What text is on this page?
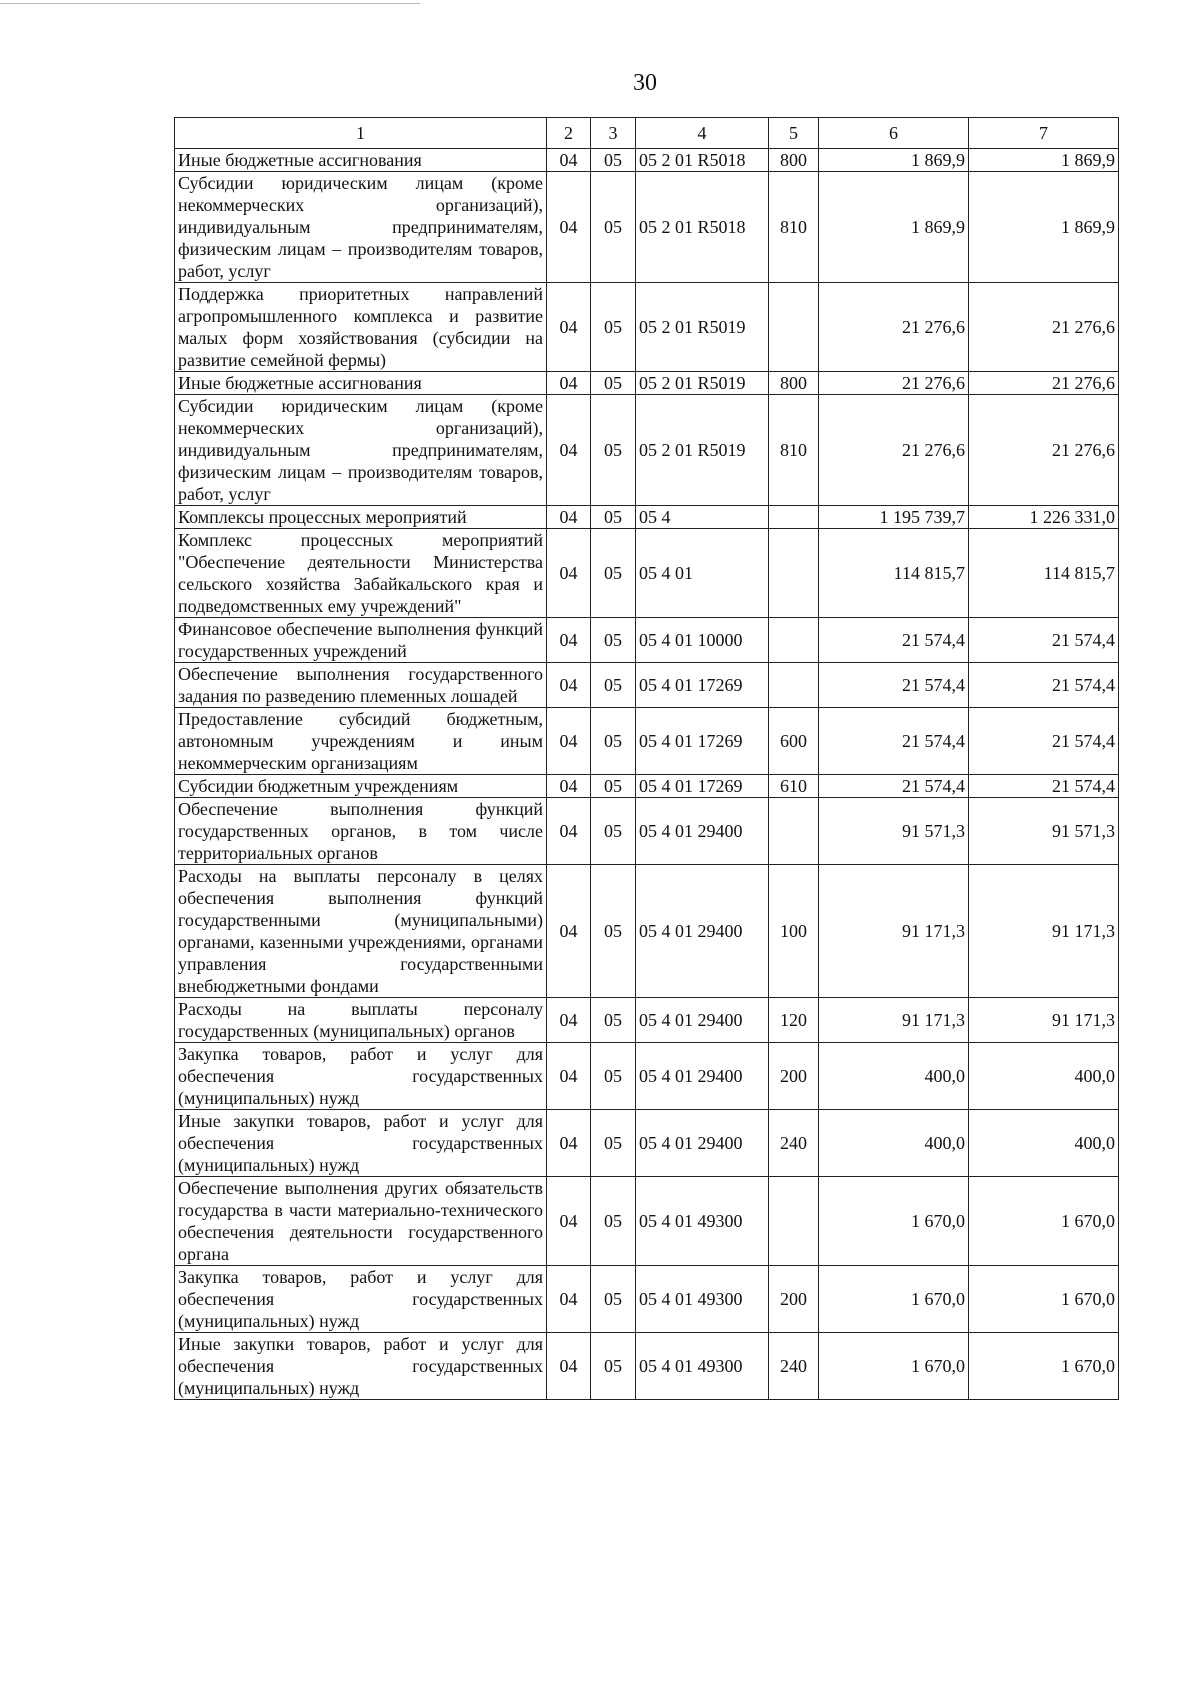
30
1	2	3	4	5	6	7
Иные бюджетные ассигнования	04	05	05 2 01 R5018	800	1 869,9	1 869,9
Субсидии юридическим лицам (кроме некоммерческих организаций), индивидуальным предпринимателям, физическим лицам – производителям товаров, работ, услуг	04	05	05 2 01 R5018	810	1 869,9	1 869,9
Поддержка приоритетных направлений агропромышленного комплекса и развитие малых форм хозяйствования (субсидии на развитие семейной фермы)	04	05	05 2 01 R5019		21 276,6	21 276,6
Иные бюджетные ассигнования	04	05	05 2 01 R5019	800	21 276,6	21 276,6
Субсидии юридическим лицам (кроме некоммерческих организаций), индивидуальным предпринимателям, физическим лицам – производителям товаров, работ, услуг	04	05	05 2 01 R5019	810	21 276,6	21 276,6
Комплексы процессных мероприятий	04	05	05 4		1 195 739,7	1 226 331,0
Комплекс процессных мероприятий "Обеспечение деятельности Министерства сельского хозяйства Забайкальского края и подведомственных ему учреждений"	04	05	05 4 01		114 815,7	114 815,7
Финансовое обеспечение выполнения функций государственных учреждений	04	05	05 4 01 10000		21 574,4	21 574,4
Обеспечение выполнения государственного задания по разведению племенных лошадей	04	05	05 4 01 17269		21 574,4	21 574,4
Предоставление субсидий бюджетным, автономным учреждениям и иным некоммерческим организациям	04	05	05 4 01 17269	600	21 574,4	21 574,4
Субсидии бюджетным учреждениям	04	05	05 4 01 17269	610	21 574,4	21 574,4
Обеспечение выполнения функций государственных органов, в том числе территориальных органов	04	05	05 4 01 29400		91 571,3	91 571,3
Расходы на выплаты персоналу в целях обеспечения выполнения функций государственными (муниципальными) органами, казенными учреждениями, органами управления государственными внебюджетными фондами	04	05	05 4 01 29400	100	91 171,3	91 171,3
Расходы на выплаты персоналу государственных (муниципальных) органов	04	05	05 4 01 29400	120	91 171,3	91 171,3
Закупка товаров, работ и услуг для обеспечения государственных (муниципальных) нужд	04	05	05 4 01 29400	200	400,0	400,0
Иные закупки товаров, работ и услуг для обеспечения государственных (муниципальных) нужд	04	05	05 4 01 29400	240	400,0	400,0
Обеспечение выполнения других обязательств государства в части материально-технического обеспечения деятельности государственного органа	04	05	05 4 01 49300		1 670,0	1 670,0
Закупка товаров, работ и услуг для обеспечения государственных (муниципальных) нужд	04	05	05 4 01 49300	200	1 670,0	1 670,0
Иные закупки товаров, работ и услуг для обеспечения государственных (муниципальных) нужд	04	05	05 4 01 49300	240	1 670,0	1 670,0
